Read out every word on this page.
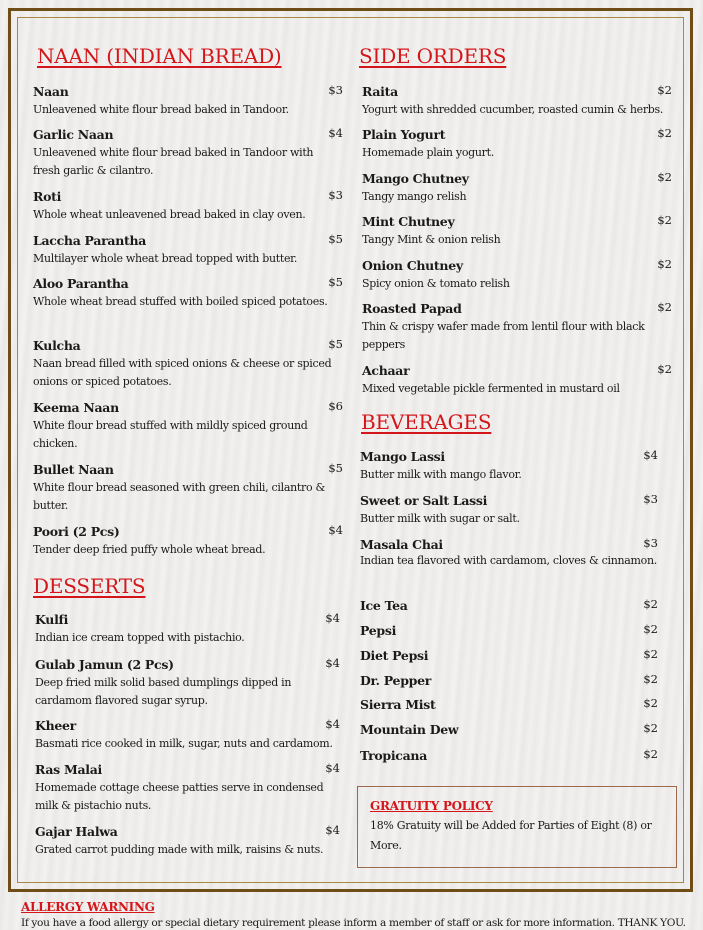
NAAN (INDIAN BREAD)
Naan	$3
Unleavened white flour bread baked in Tandoor.
Garlic Naan	$4
Unleavened white flour bread baked in Tandoor with fresh garlic & cilantro.
Roti	$3
Whole wheat unleavened bread baked in clay oven.
Laccha Parantha	$5
Multilayer whole wheat bread topped with butter.
Aloo Parantha	$5
Whole wheat bread stuffed with boiled spiced potatoes.
Kulcha	$5
Naan bread filled with spiced onions & cheese or spiced onions or spiced potatoes.
Keema Naan	$6
White flour bread stuffed with mildly spiced ground chicken.
Bullet Naan	$5
White flour bread seasoned with green chili, cilantro & butter.
Poori (2 Pcs)	$4
Tender deep fried puffy whole wheat bread.
DESSERTS
Kulfi	$4
Indian ice cream topped with pistachio.
Gulab Jamun (2 Pcs)	$4
Deep fried milk solid based dumplings dipped in cardamom flavored sugar syrup.
Kheer	$4
Basmati rice cooked in milk, sugar, nuts and cardamom.
Ras Malai	$4
Homemade cottage cheese patties serve in condensed milk & pistachio nuts.
Gajar Halwa	$4
Grated carrot pudding made with milk, raisins & nuts.
SIDE ORDERS
Raita	$2
Yogurt with shredded cucumber, roasted cumin & herbs.
Plain Yogurt	$2
Homemade plain yogurt.
Mango Chutney	$2
Tangy mango relish
Mint Chutney	$2
Tangy Mint & onion relish
Onion Chutney	$2
Spicy onion & tomato relish
Roasted Papad	$2
Thin & crispy wafer made from lentil flour with black peppers
Achaar	$2
Mixed vegetable pickle fermented in mustard oil
BEVERAGES
Mango Lassi	$4
Butter milk with mango flavor.
Sweet or Salt Lassi	$3
Butter milk with sugar or salt.
Masala Chai	$3
Indian tea flavored with cardamom, cloves & cinnamon.
Ice Tea	$2
Pepsi	$2
Diet Pepsi	$2
Dr. Pepper	$2
Sierra Mist	$2
Mountain Dew	$2
Tropicana	$2
GRATUITY POLICY
18% Gratuity will be Added for Parties of Eight (8) or More.
ALLERGY WARNING
If you have a food allergy or special dietary requirement please inform a member of staff or ask for more information. THANK YOU.
